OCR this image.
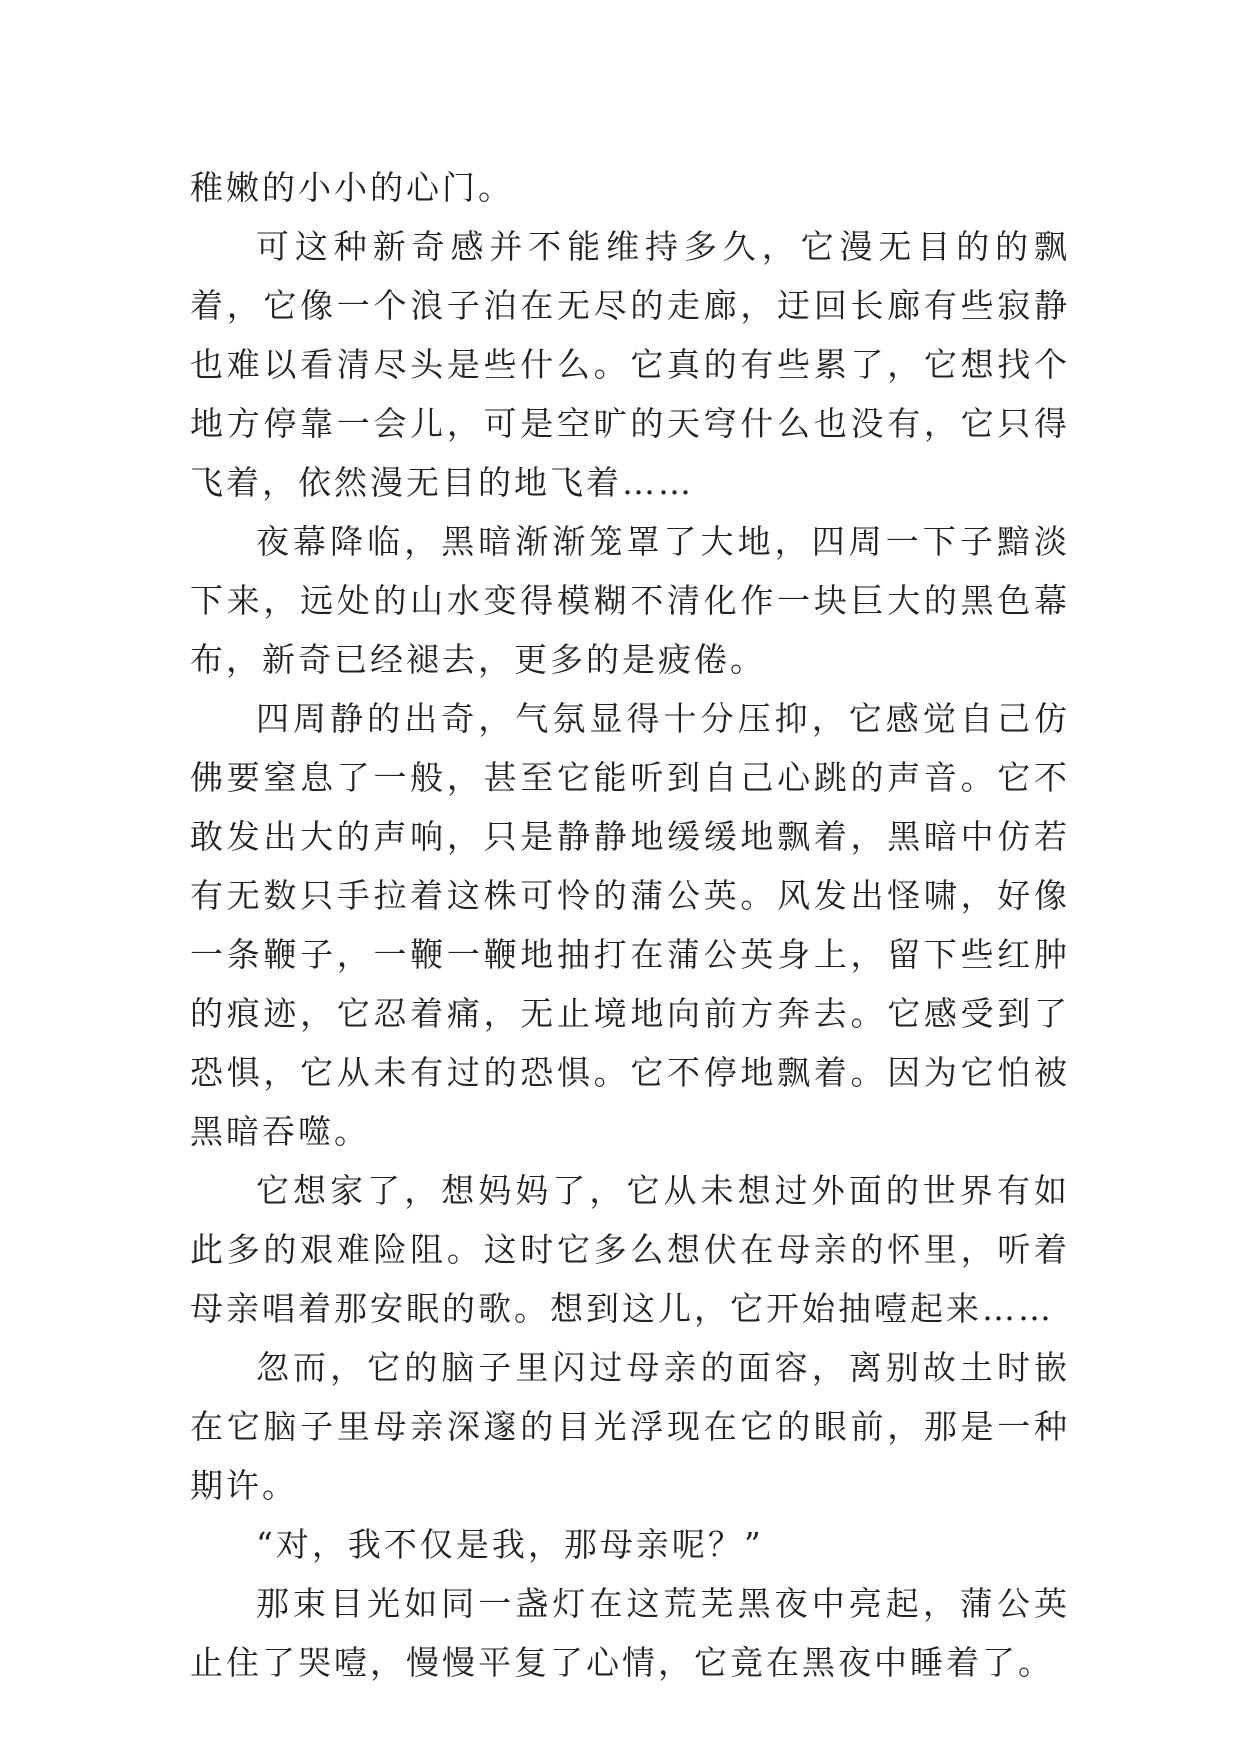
稚嫩的小小的心门。

可这种新奇感并不能维持多久，它漫无目的的飘着，它像一个浪子泊在无尽的走廊，迂回长廊有些寂静也难以看清尽头是些什么。它真的有些累了，它想找个地方停靠一会儿，可是空旷的天穹什么也没有，它只得飞着，依然漫无目的地飞着……

夜幕降临，黑暗渐渐笼罩了大地，四周一下子黯淡下来，远处的山水变得模糊不清化作一块巨大的黑色幕布，新奇已经褪去，更多的是疲倦。

四周静的出奇，气氛显得十分压抑，它感觉自己仿佛要窒息了一般，甚至它能听到自己心跳的声音。它不敢发出大的声响，只是静静地缓缓地飘着，黑暗中仿若有无数只手拉着这株可怜的蒲公英。风发出怪啸，好像一条鞭子，一鞭一鞭地抽打在蒲公英身上，留下些红肿的痕迹，它忍着痛，无止境地向前方奔去。它感受到了恐惧，它从未有过的恐惧。它不停地飘着。因为它怕被黑暗吞噬。

它想家了，想妈妈了，它从未想过外面的世界有如此多的艰难险阻。这时它多么想伏在母亲的怀里，听着母亲唱着那安眠的歌。想到这儿，它开始抽噎起来……

忽而，它的脑子里闪过母亲的面容，离别故土时嵌在它脑子里母亲深邃的目光浮现在它的眼前，那是一种期许。

“对，我不仅是我，那母亲呢？”

那束目光如同一盏灯在这荒芜黑夜中亮起，蒲公英止住了哭噎，慢慢平复了心情，它竟在黑夜中睡着了。
